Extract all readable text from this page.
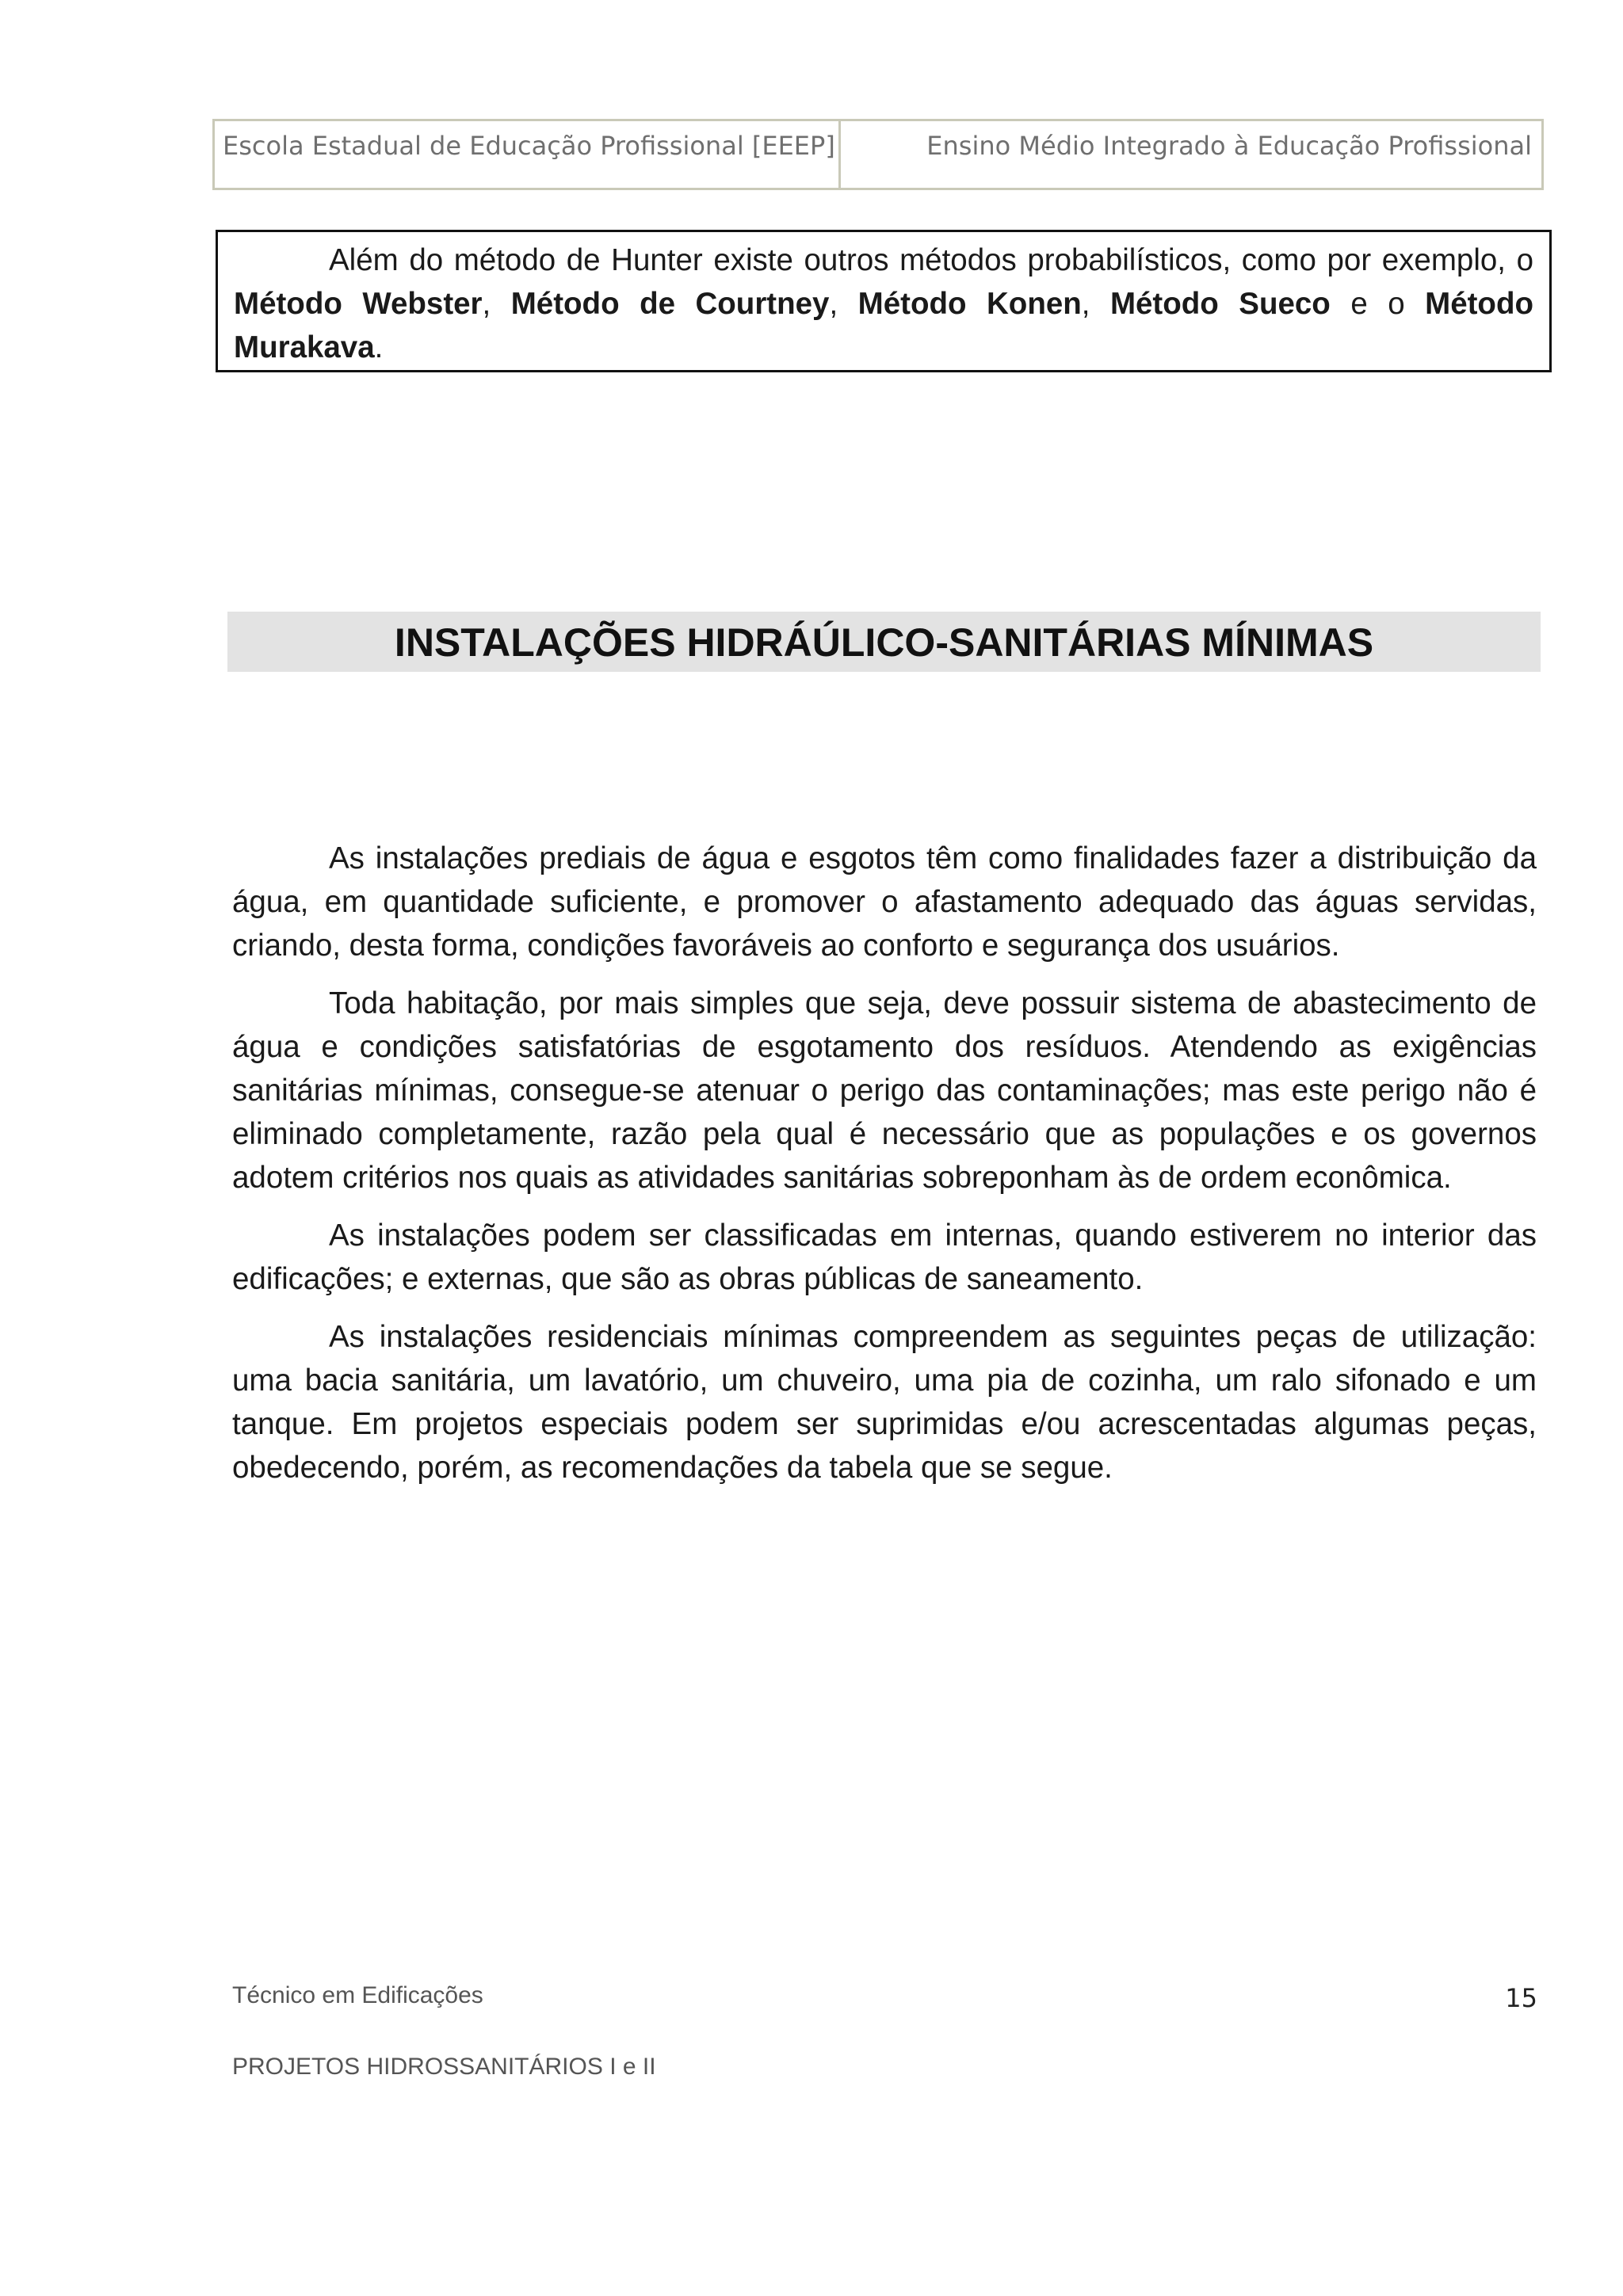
Escola Estadual de Educação Profissional [EEEP]	Ensino Médio Integrado à Educação Profissional

Além do método de Hunter existe outros métodos probabilísticos, como por exemplo, o Método Webster, Método de Courtney, Método Konen, Método Sueco e o Método Murakava.

INSTALAÇÕES HIDRÁÚLICO-SANITÁRIAS MÍNIMAS

As instalações prediais de água e esgotos têm como finalidades fazer a distribuição da água, em quantidade suficiente, e promover o afastamento adequado das águas servidas, criando, desta forma, condições favoráveis ao conforto e segurança dos usuários.

Toda habitação, por mais simples que seja, deve possuir sistema de abastecimento de água e condições satisfatórias de esgotamento dos resíduos. Atendendo as exigências sanitárias mínimas, consegue-se atenuar o perigo das contaminações; mas este perigo não é eliminado completamente, razão pela qual é necessário que as populações e os governos adotem critérios nos quais as atividades sanitárias sobreponham às de ordem econômica.

As instalações podem ser classificadas em internas, quando estiverem no interior das edificações; e externas, que são as obras públicas de saneamento.

As instalações residenciais mínimas compreendem as seguintes peças de utilização: uma bacia sanitária, um lavatório, um chuveiro, uma pia de cozinha, um ralo sifonado e um tanque. Em projetos especiais podem ser suprimidas e/ou acrescentadas algumas peças, obedecendo, porém, as recomendações da tabela que se segue.

Técnico em Edificações	15
PROJETOS HIDROSSANITÁRIOS I e II
